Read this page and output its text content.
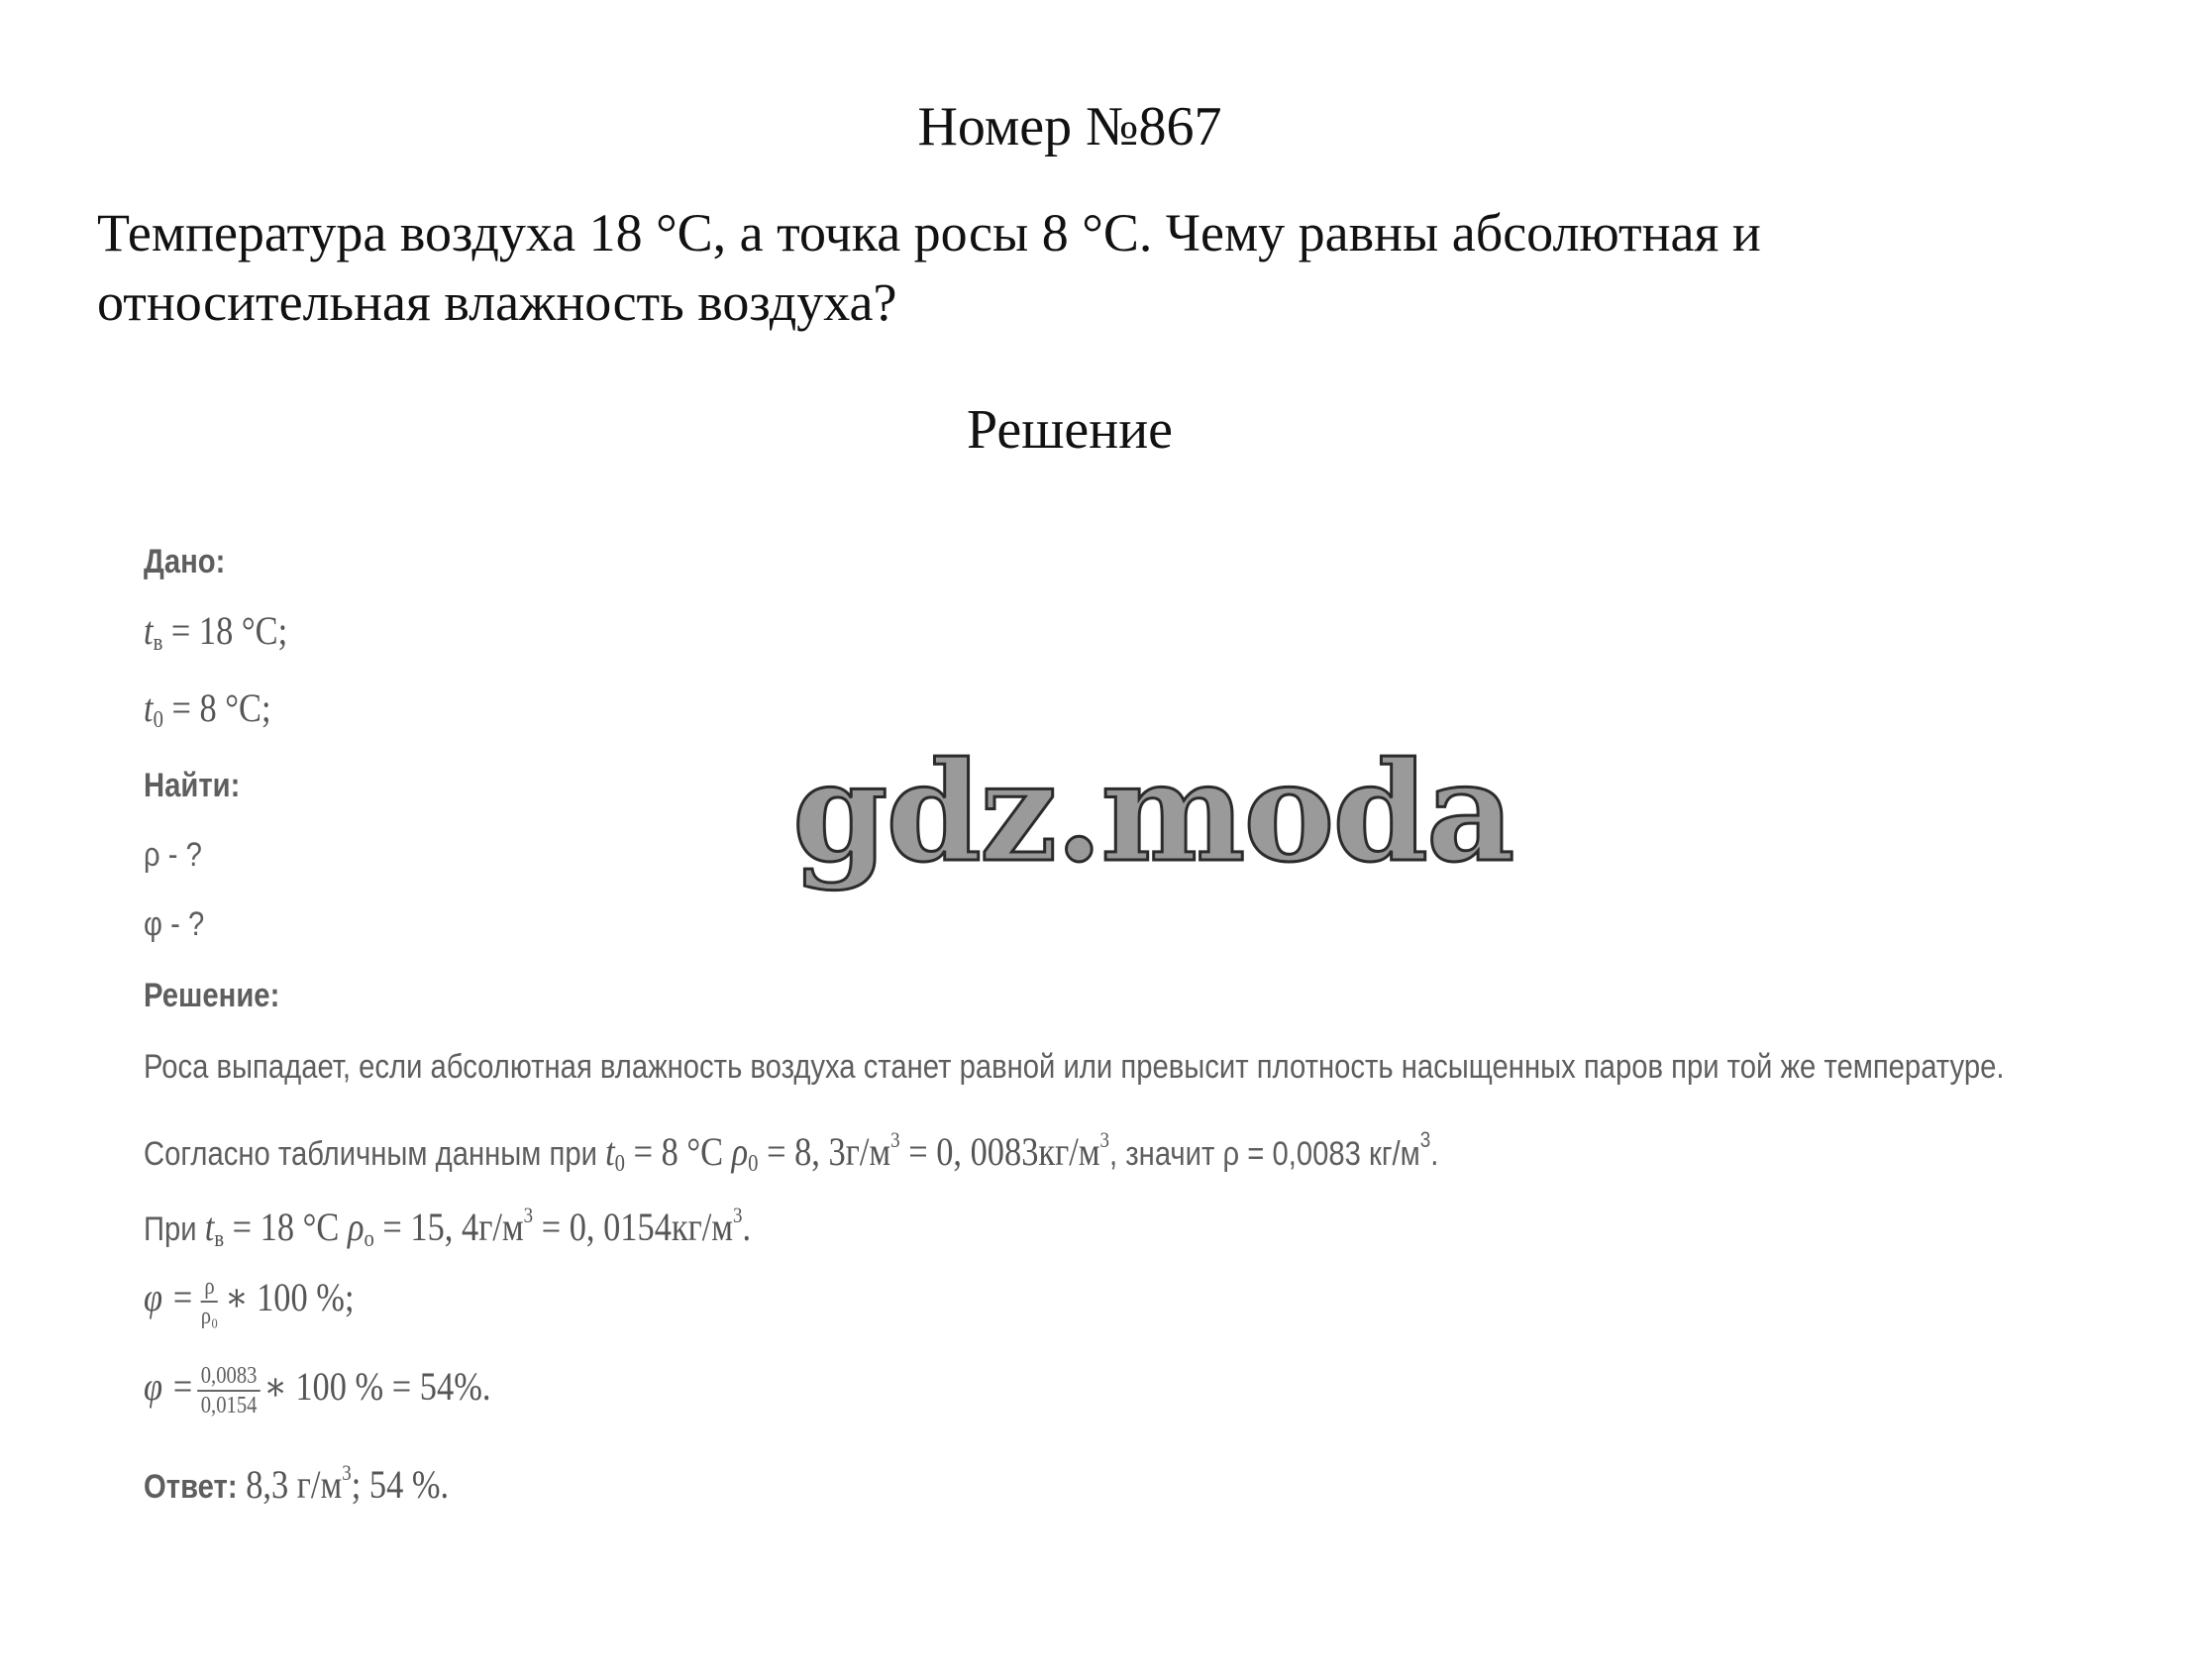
Номер №867
Температура воздуха 18 °С, а точка росы 8 °С. Чему равны абсолютная и
относительная влажность воздуха?
Решение
Дано:
$t_в = 18$ °С;
$t_0 = 8$ °С;
Найти:
ρ - ?
φ - ?
Решение:
Роса выпадает, если абсолютная влажность воздуха станет равной или превысит плотность насыщенных паров при той же температуре.
Согласно табличным данным при $t_0 = 8$ °С $\rho_0 = 8$, $3г/м^3 = 0$, $0083кг/м^3$, значит ρ = 0,0083 $кг/м^3$.
При $t_в = 18$ °С $\rho_о = 15$, $4г/м^3 = 0$, $0154кг/м^3$.
$\varphi = \frac{\rho}{\text{ρ₀}}$ ∗ 100 %;
$\varphi = \frac{0,0083}{0,0154}$ ∗ 100 % = 54%.
Ответ: 8,3 $г/м^3$; 54 %.
gdz.moda
